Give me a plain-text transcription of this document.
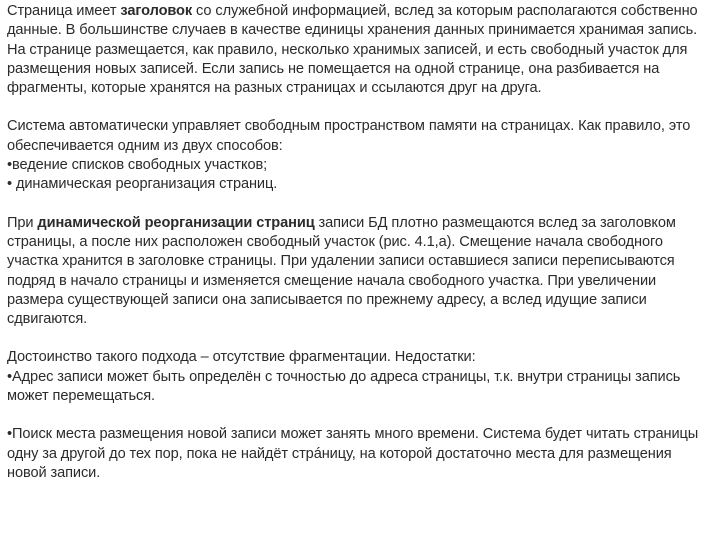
Страница имеет заголовок со служебной информацией, вслед за которым располагаются собственно
данные. В большинстве случаев в качестве единицы хранения данных принимается хранимая запись.
На странице размещается, как правило, несколько хранимых записей, и есть свободный участок для
размещения новых записей. Если запись не помещается на одной странице, она разбивается на
фрагменты, которые хранятся на разных страницах и ссылаются друг на друга.

Система автоматически управляет свободным пространством памяти на страницах. Как правило, это
обеспечивается одним из двух способов:
•ведение списков свободных участков;
• динамическая реорганизация страниц.

При динамической реорганизации страниц записи БД плотно размещаются вслед за заголовком
страницы, а после них расположен свободный участок (рис. 4.1,а). Смещение начала свободного
участка хранится в заголовке страницы. При удалении записи оставшиеся записи переписываются
подряд в начало страницы и изменяется смещение начала свободного участка. При увеличении
размера существующей записи она записывается по прежнему адресу, а вслед идущие записи
сдвигаются.

Достоинство такого подхода – отсутствие фрагментации. Недостатки:
•Адрес записи может быть определён с точностью до адреса страницы, т.к. внутри страницы запись
может перемещаться.

•Поиск места размещения новой записи может занять много времени. Система будет читать страницы
одну за другой до тех пор, пока не найдёт стрáницу, на которой достаточно места для размещения
новой записи.
